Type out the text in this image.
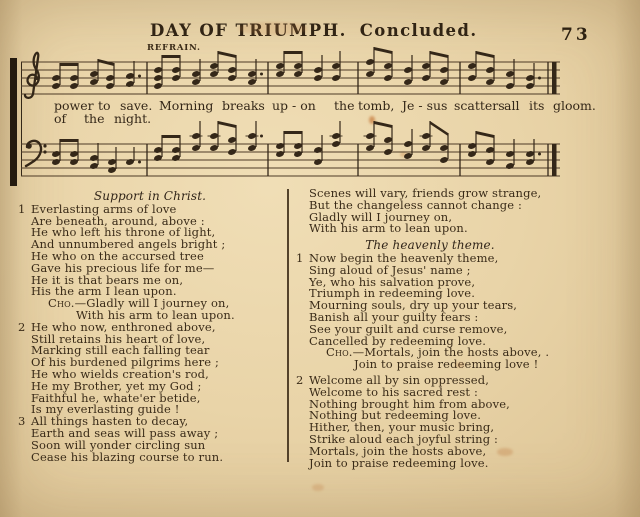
DAY OF TRIUMPH. Concluded.	73
REFRAIN.
power to save. Morning breaks up - on the tomb, Je - sus scatters all its gloom.
of the night.
Support in Christ.
1 Everlasting arms of love
Are beneath, around, above :
He who left his throne of light,
And unnumbered angels bright ;
He who on the accursed tree
Gave his precious life for me—
He it is that bears me on,
His the arm I lean upon.
Cho.—Gladly will I journey on,
With his arm to lean upon.
2 He who now, enthroned above,
Still retains his heart of love,
Marking still each falling tear
Of his burdened pilgrims here ;
He who wields creation's rod,
He my Brother, yet my God ;
Faithful he, whate'er betide,
Is my everlasting guide !
3 All things hasten to decay,
Earth and seas will pass away ;
Soon will yonder circling sun
Cease his blazing course to run.
Scenes will vary, friends grow strange,
But the changeless cannot change :
Gladly will I journey on,
With his arm to lean upon.
The heavenly theme.
1 Now begin the heavenly theme,
Sing aloud of Jesus' name ;
Ye, who his salvation prove,
Triumph in redeeming love.
Mourning souls, dry up your tears,
Banish all your guilty fears :
See your guilt and curse remove,
Cancelled by redeeming love.
Cho.—Mortals, join the hosts above, .
Join to praise redeeming love !
2 Welcome all by sin oppressed,
Welcome to his sacred rest :
Nothing brought him from above,
Nothing but redeeming love.
Hither, then, your music bring,
Strike aloud each joyful string :
Mortals, join the hosts above,
Join to praise redeeming love.
